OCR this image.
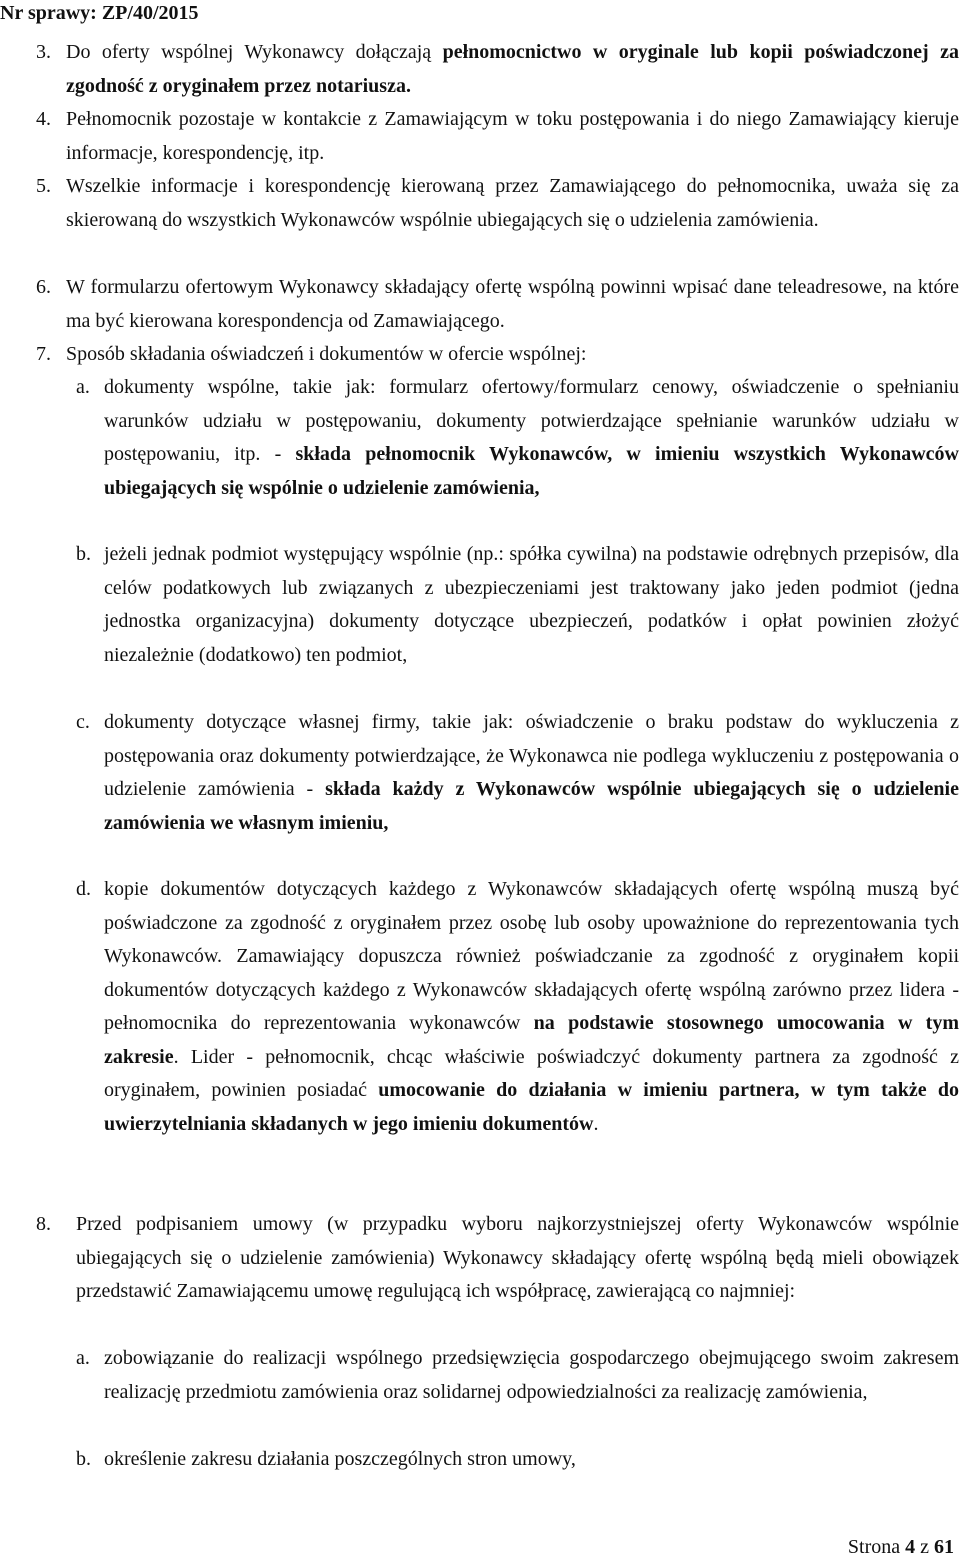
Nr sprawy: ZP/40/2015
3. Do oferty wspólnej Wykonawcy dołączają pełnomocnictwo w oryginale lub kopii poświadczonej za zgodność z oryginałem przez notariusza.
4. Pełnomocnik pozostaje w kontakcie z Zamawiającym w toku postępowania i do niego Zamawiający kieruje informacje, korespondencję, itp.
5. Wszelkie informacje i korespondencję kierowaną przez Zamawiającego do pełnomocnika, uważa się za skierowaną do wszystkich Wykonawców wspólnie ubiegających się o udzielenia zamówienia.
6. W formularzu ofertowym Wykonawcy składający ofertę wspólną powinni wpisać dane teleadresowe, na które ma być kierowana korespondencja od Zamawiającego.
7. Sposób składania oświadczeń i dokumentów w ofercie wspólnej:
a. dokumenty wspólne, takie jak: formularz ofertowy/formularz cenowy, oświadczenie o spełnianiu warunków udziału w postępowaniu, dokumenty potwierdzające spełnianie warunków udziału w postępowaniu, itp. - składa pełnomocnik Wykonawców, w imieniu wszystkich Wykonawców ubiegających się wspólnie o udzielenie zamówienia,
b. jeżeli jednak podmiot występujący wspólnie (np.: spółka cywilna) na podstawie odrębnych przepisów, dla celów podatkowych lub związanych z ubezpieczeniami jest traktowany jako jeden podmiot (jedna jednostka organizacyjna) dokumenty dotyczące ubezpieczeń, podatków i opłat powinien złożyć niezależnie (dodatkowo) ten podmiot,
c. dokumenty dotyczące własnej firmy, takie jak: oświadczenie o braku podstaw do wykluczenia z postępowania oraz dokumenty potwierdzające, że Wykonawca nie podlega wykluczeniu z postępowania o udzielenie zamówienia - składa każdy z Wykonawców wspólnie ubiegających się o udzielenie zamówienia we własnym imieniu,
d. kopie dokumentów dotyczących każdego z Wykonawców składających ofertę wspólną muszą być poświadczone za zgodność z oryginałem przez osobę lub osoby upoważnione do reprezentowania tych Wykonawców. Zamawiający dopuszcza również poświadczanie za zgodność z oryginałem kopii dokumentów dotyczących każdego z Wykonawców składających ofertę wspólną zarówno przez lidera - pełnomocnika do reprezentowania wykonawców na podstawie stosownego umocowania w tym zakresie. Lider - pełnomocnik, chcąc właściwie poświadczyć dokumenty partnera za zgodność z oryginałem, powinien posiadać umocowanie do działania w imieniu partnera, w tym także do uwierzytelniania składanych w jego imieniu dokumentów.
8. Przed podpisaniem umowy (w przypadku wyboru najkorzystniejszej oferty Wykonawców wspólnie ubiegających się o udzielenie zamówienia) Wykonawcy składający ofertę wspólną będą mieli obowiązek przedstawić Zamawiającemu umowę regulującą ich współpracę, zawierającą co najmniej:
a. zobowiązanie do realizacji wspólnego przedsięwzięcia gospodarczego obejmującego swoim zakresem realizację przedmiotu zamówienia oraz solidarnej odpowiedzialności za realizację zamówienia,
b. określenie zakresu działania poszczególnych stron umowy,
Strona 4 z 61
